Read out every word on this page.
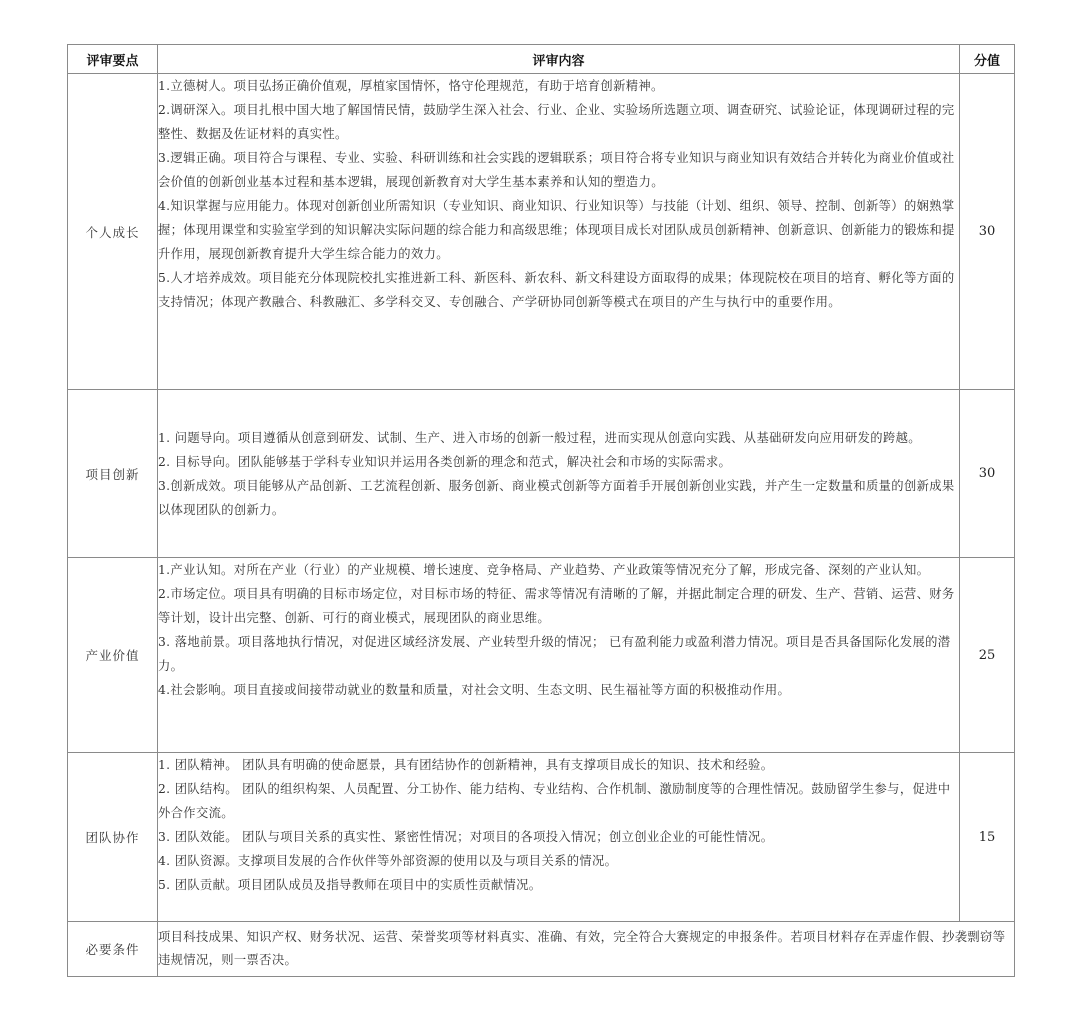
评审要点	评审内容	分值
个人成长	1.立德树人。项目弘扬正确价值观，厚植家国情怀，恪守伦理规范，有助于培育创新精神。

2.调研深入。项目扎根中国大地了解国情民情，鼓励学生深入社会、行业、企业、实验场所选题立项、调查研究、试验论证，体现调研过程的完整性、数据及佐证材料的真实性。

3.逻辑正确。项目符合与课程、专业、实验、科研训练和社会实践的逻辑联系；项目符合将专业知识与商业知识有效结合并转化为商业价值或社会价值的创新创业基本过程和基本逻辑，展现创新教育对大学生基本素养和认知的塑造力。

4.知识掌握与应用能力。体现对创新创业所需知识（专业知识、商业知识、行业知识等）与技能（计划、组织、领导、控制、创新等）的娴熟掌握；体现用课堂和实验室学到的知识解决实际问题的综合能力和高级思维；体现项目成长对团队成员创新精神、创新意识、创新能力的锻炼和提升作用，展现创新教育提升大学生综合能力的效力。

5.人才培养成效。项目能充分体现院校扎实推进新工科、新医科、新农科、新文科建设方面取得的成果；体现院校在项目的培育、孵化等方面的支持情况；体现产教融合、科教融汇、多学科交叉、专创融合、产学研协同创新等模式在项目的产生与执行中的重要作用。	30
项目创新	1. 问题导向。项目遵循从创意到研发、试制、生产、进入市场的创新一般过程，进而实现从创意向实践、从基础研发向应用研发的跨越。

2. 目标导向。团队能够基于学科专业知识并运用各类创新的理念和范式，解决社会和市场的实际需求。

3.创新成效。项目能够从产品创新、工艺流程创新、服务创新、商业模式创新等方面着手开展创新创业实践，并产生一定数量和质量的创新成果以体现团队的创新力。	30
产业价值	1.产业认知。对所在产业（行业）的产业规模、增长速度、竞争格局、产业趋势、产业政策等情况充分了解，形成完备、深刻的产业认知。

2.市场定位。项目具有明确的目标市场定位，对目标市场的特征、需求等情况有清晰的了解，并据此制定合理的研发、生产、营销、运营、财务等计划，设计出完整、创新、可行的商业模式，展现团队的商业思维。

3. 落地前景。项目落地执行情况，对促进区域经济发展、产业转型升级的情况； 已有盈利能力或盈利潜力情况。项目是否具备国际化发展的潜力。

4.社会影响。项目直接或间接带动就业的数量和质量，对社会文明、生态文明、民生福祉等方面的积极推动作用。	25
团队协作	1. 团队精神。 团队具有明确的使命愿景，具有团结协作的创新精神，具有支撑项目成长的知识、技术和经验。

2. 团队结构。 团队的组织构架、人员配置、分工协作、能力结构、专业结构、合作机制、激励制度等的合理性情况。鼓励留学生参与，促进中外合作交流。

3. 团队效能。 团队与项目关系的真实性、紧密性情况；对项目的各项投入情况；创立创业企业的可能性情况。

4. 团队资源。支撑项目发展的合作伙伴等外部资源的使用以及与项目关系的情况。

5. 团队贡献。项目团队成员及指导教师在项目中的实质性贡献情况。	15
必要条件	项目科技成果、知识产权、财务状况、运营、荣誉奖项等材料真实、准确、有效，完全符合大赛规定的申报条件。若项目材料存在弄虚作假、抄袭剽窃等违规情况，则一票否决。	
